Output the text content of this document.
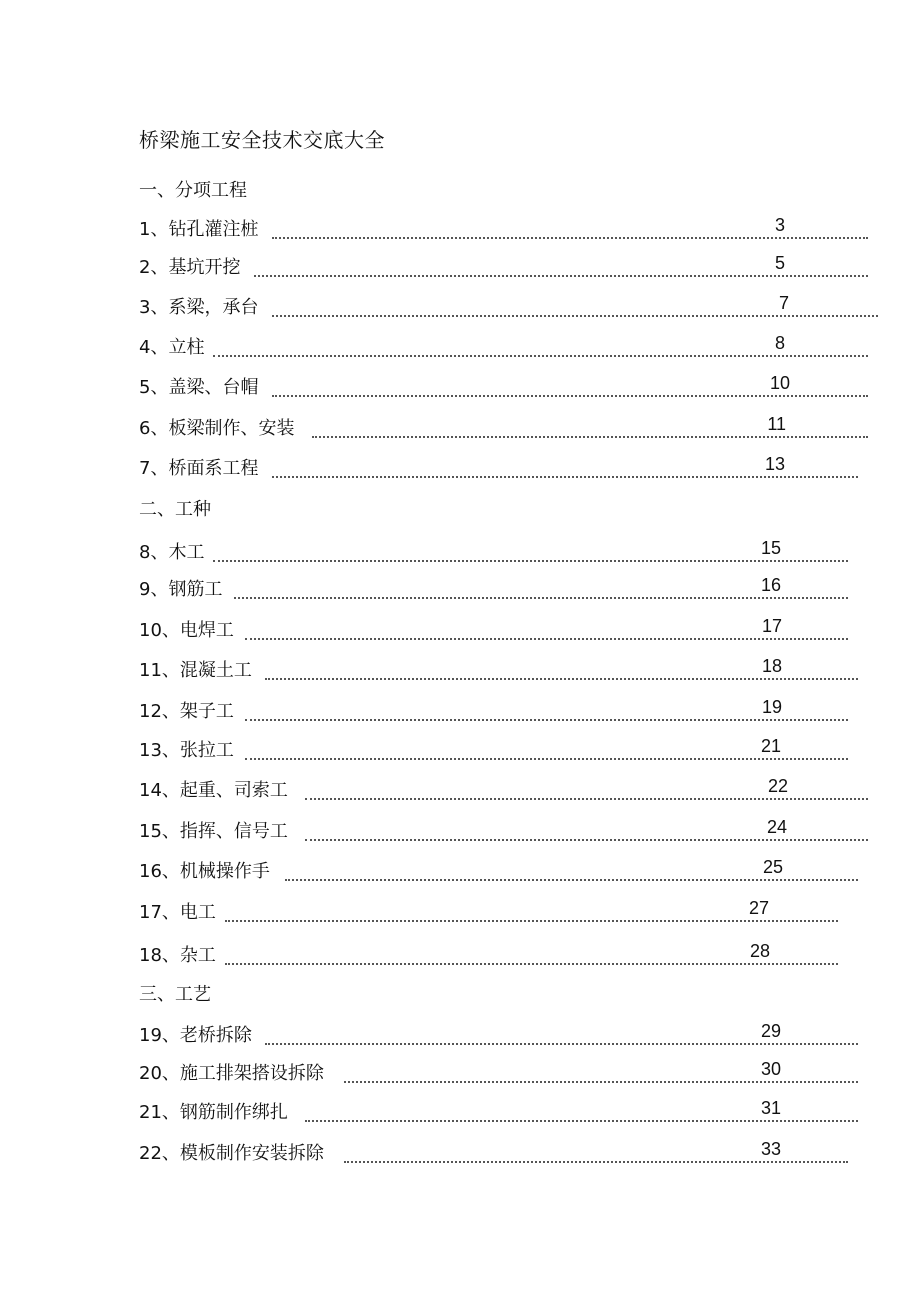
桥梁施工安全技术交底大全
一、分项工程
1、钻孔灌注桩	3
2、基坑开挖	5
3、系梁，承台	7
4、立柱	8
5、盖梁、台帽	10
6、板梁制作、安装	11
7、桥面系工程	13
二、工种
8、木工	15
9、钢筋工	16
10、电焊工	17
11、混凝土工	18
12、架子工	19
13、张拉工	21
14、起重、司索工	22
15、指挥、信号工	24
16、机械操作手	25
17、电工	27
18、杂工	28
三、工艺
19、老桥拆除	29
20、施工排架搭设拆除	30
21、钢筋制作绑扎	31
22、模板制作安装拆除	33
